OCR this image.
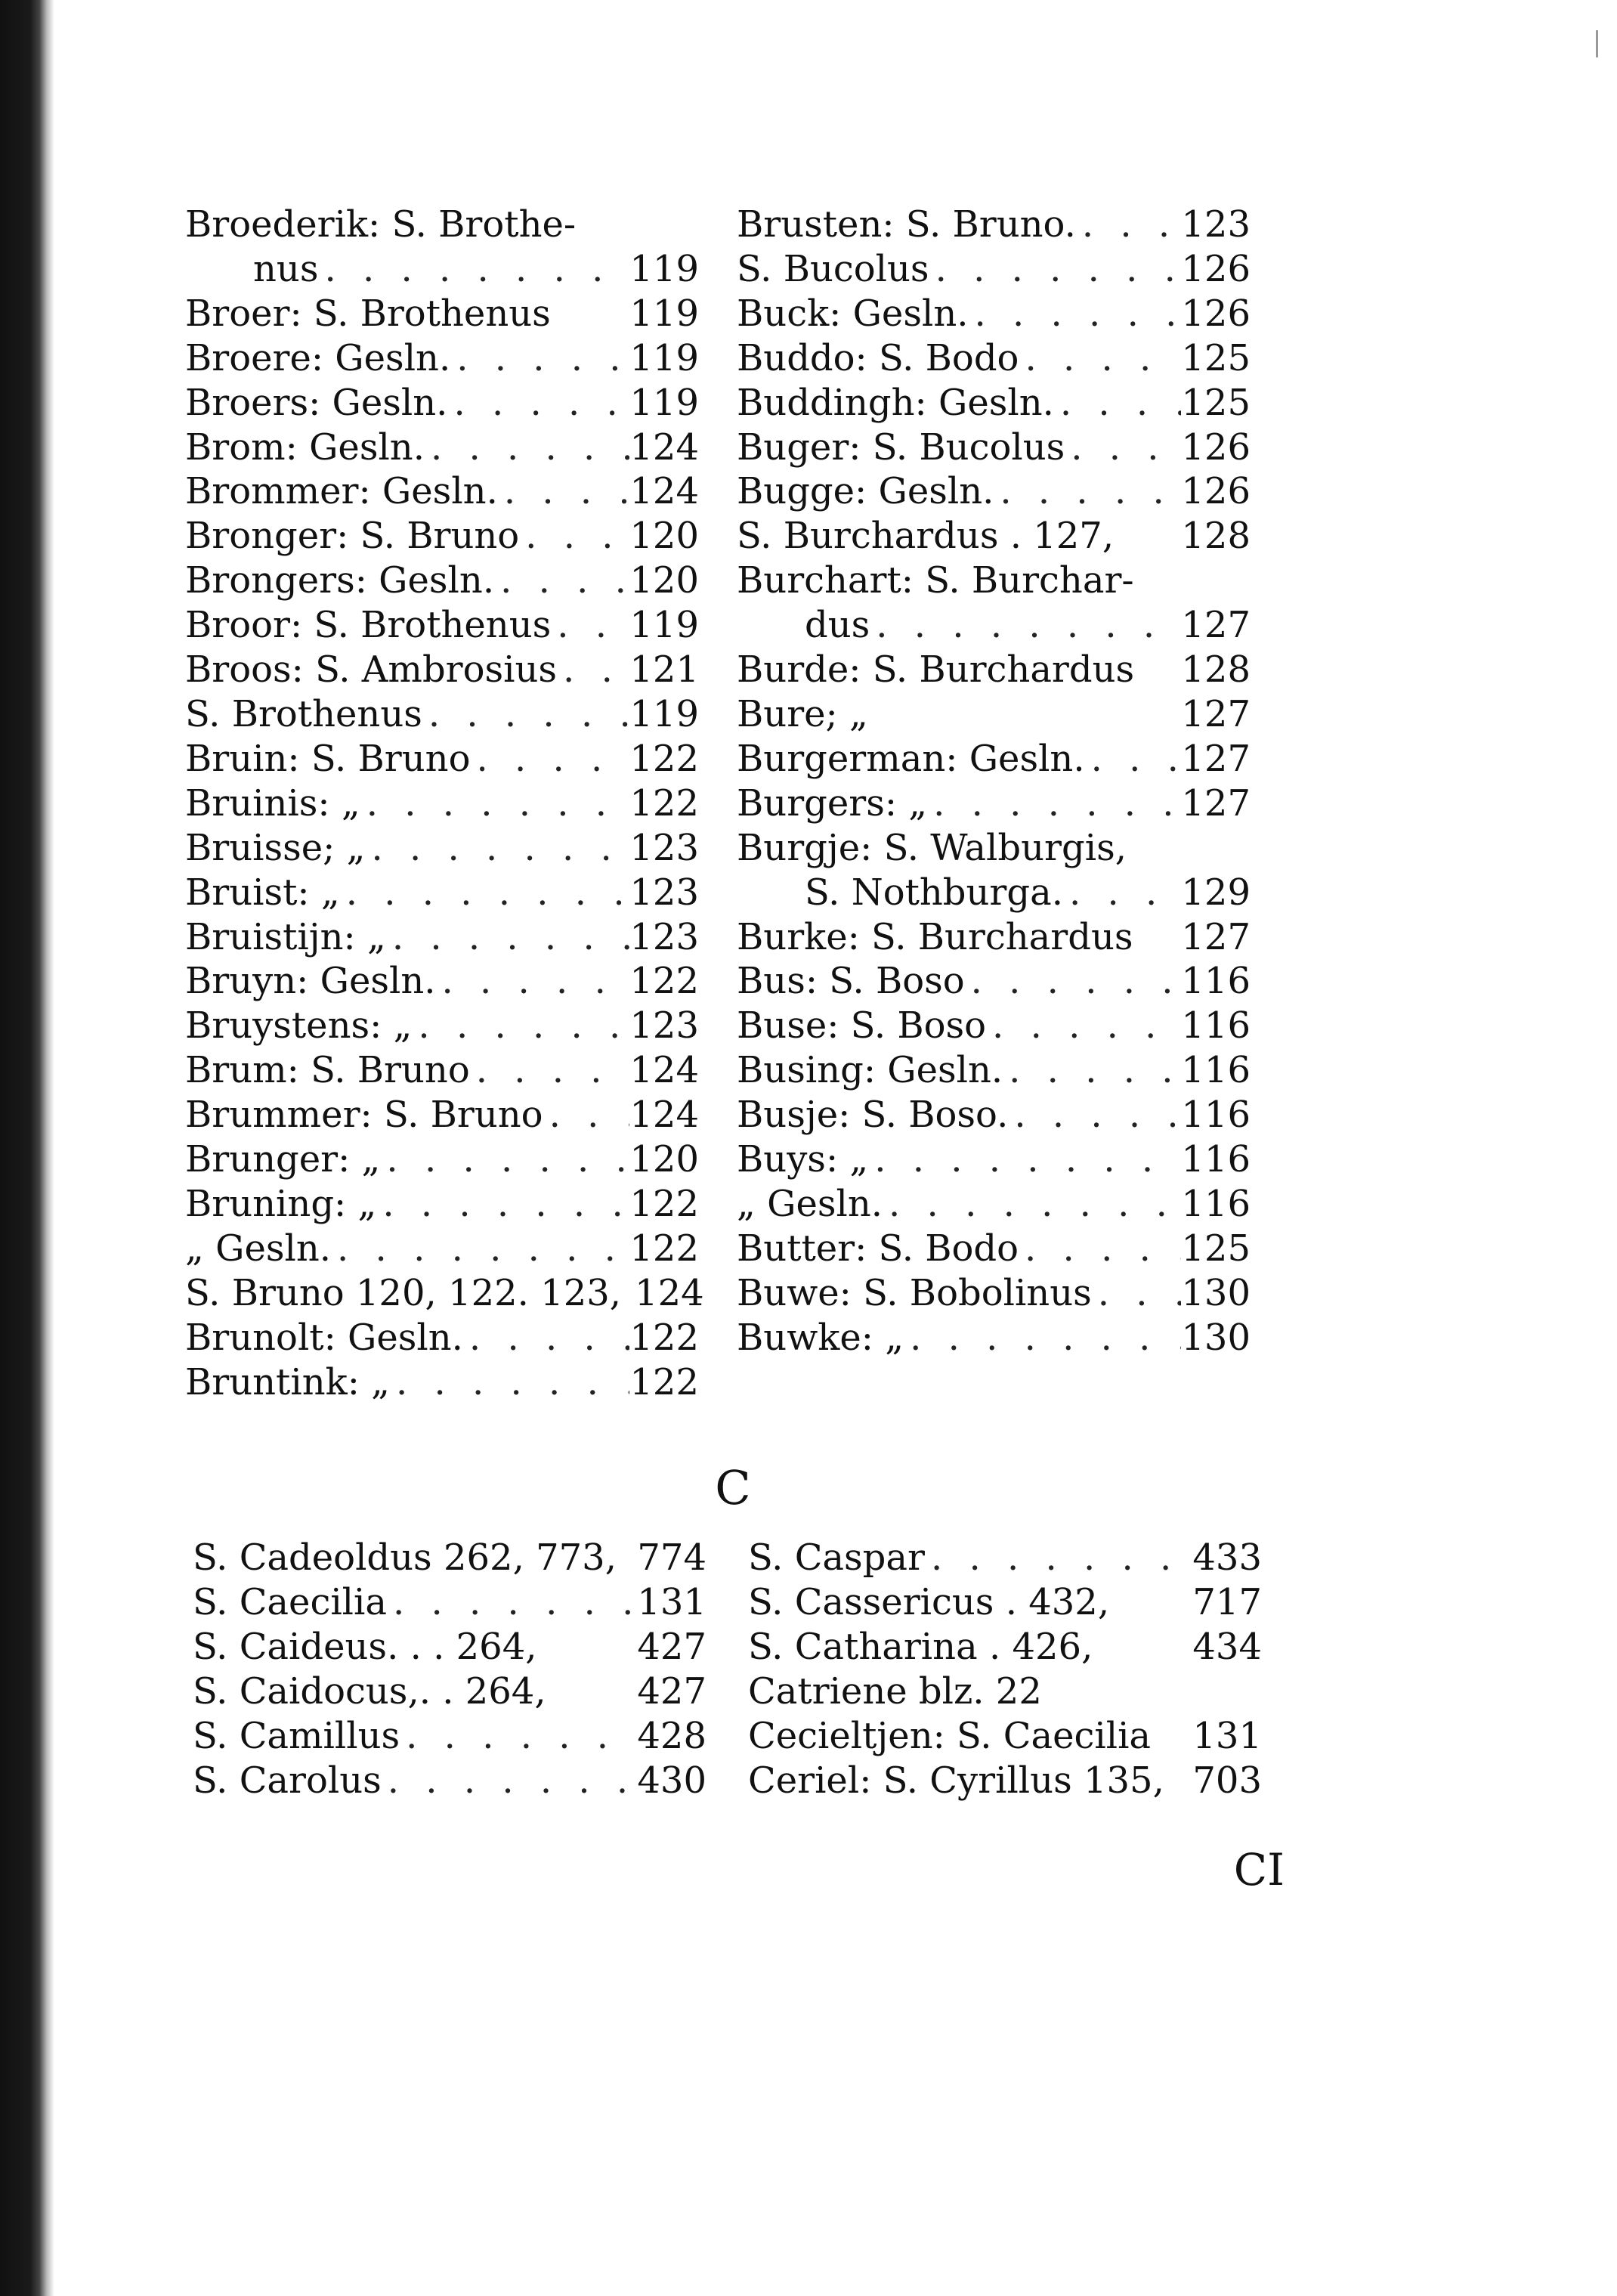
Broederik: S. Brothe-
nus . . .	119
Broer: S. Brothenus 119
Broere: Gesln. . . .	119
Broers: Gesln. . . .	119
Brom: Gesln. . . .	124
Brommer: Gesln. . . .	124
Bronger: S. Bruno . . .	120
Brongers: Gesln. . . .	120
Broor: S. Brothenus . . . 119
Broos: S. Ambrosius . . . 121
S. Brothenus . . .	119
Bruin: S. Bruno . . .	122
Bruinis: „ . . .	122
Bruisse; „ . . .	123
Bruist: „ . . .	123
Bruistijn: „ . . .	123
Bruyn: Gesln. . . .	122
Bruystens: „ . . .	123
Brum: S. Bruno . . .	124
Brummer: S. Bruno . . . 124
Brunger: „ . . .	120
Bruning: „ . . .	122
„ Gesln. . . .	122
S. Bruno 120, 122. 123, 124
Brunolt: Gesln. . . .	122
Bruntink: „ . . .	122
Brusten: S. Bruno. . . .	123
S. Bucolus . . .	126
Buck: Gesln. . . .	126
Buddo: S. Bodo . . .	125
Buddingh: Gesln. . . .	125
Buger: S. Bucolus . . .	126
Bugge: Gesln. . . .	126
S. Burchardus . 127, 128
Burchart: S. Burchar-
dus . . .	127
Burde: S. Burchardus 128
Bure; „	127
Burgerman: Gesln. . . .	127
Burgers: „ . . .	127
Burgje: S. Walburgis,
S. Nothburga. . . .	129
Burke: S. Burchardus 127
Bus: S. Boso . . .	116
Buse: S. Boso . . .	116
Busing: Gesln. . . .	116
Busje: S. Boso. . . .	116
Buys: „ . . .	116
„ Gesln. . . .	116
Butter: S. Bodo . . .	125
Buwe: S. Bobolinus . . . 130
Buwke: „ . . .	130
C
S. Cadeoldus 262, 773, 774
S. Caecilia . . .	131
S. Caideus. . . 264,	427
S. Caidocus,. . 264,	427
S. Camillus . . .	428
S. Carolus . . .	430
S. Caspar . . .	433
S. Cassericus . 432, 717
S. Catharina . 426,	434
Catriene blz. 22
Cecieltjen: S. Caecilia 131
Ceriel: S. Cyrillus 135, 703
CI
